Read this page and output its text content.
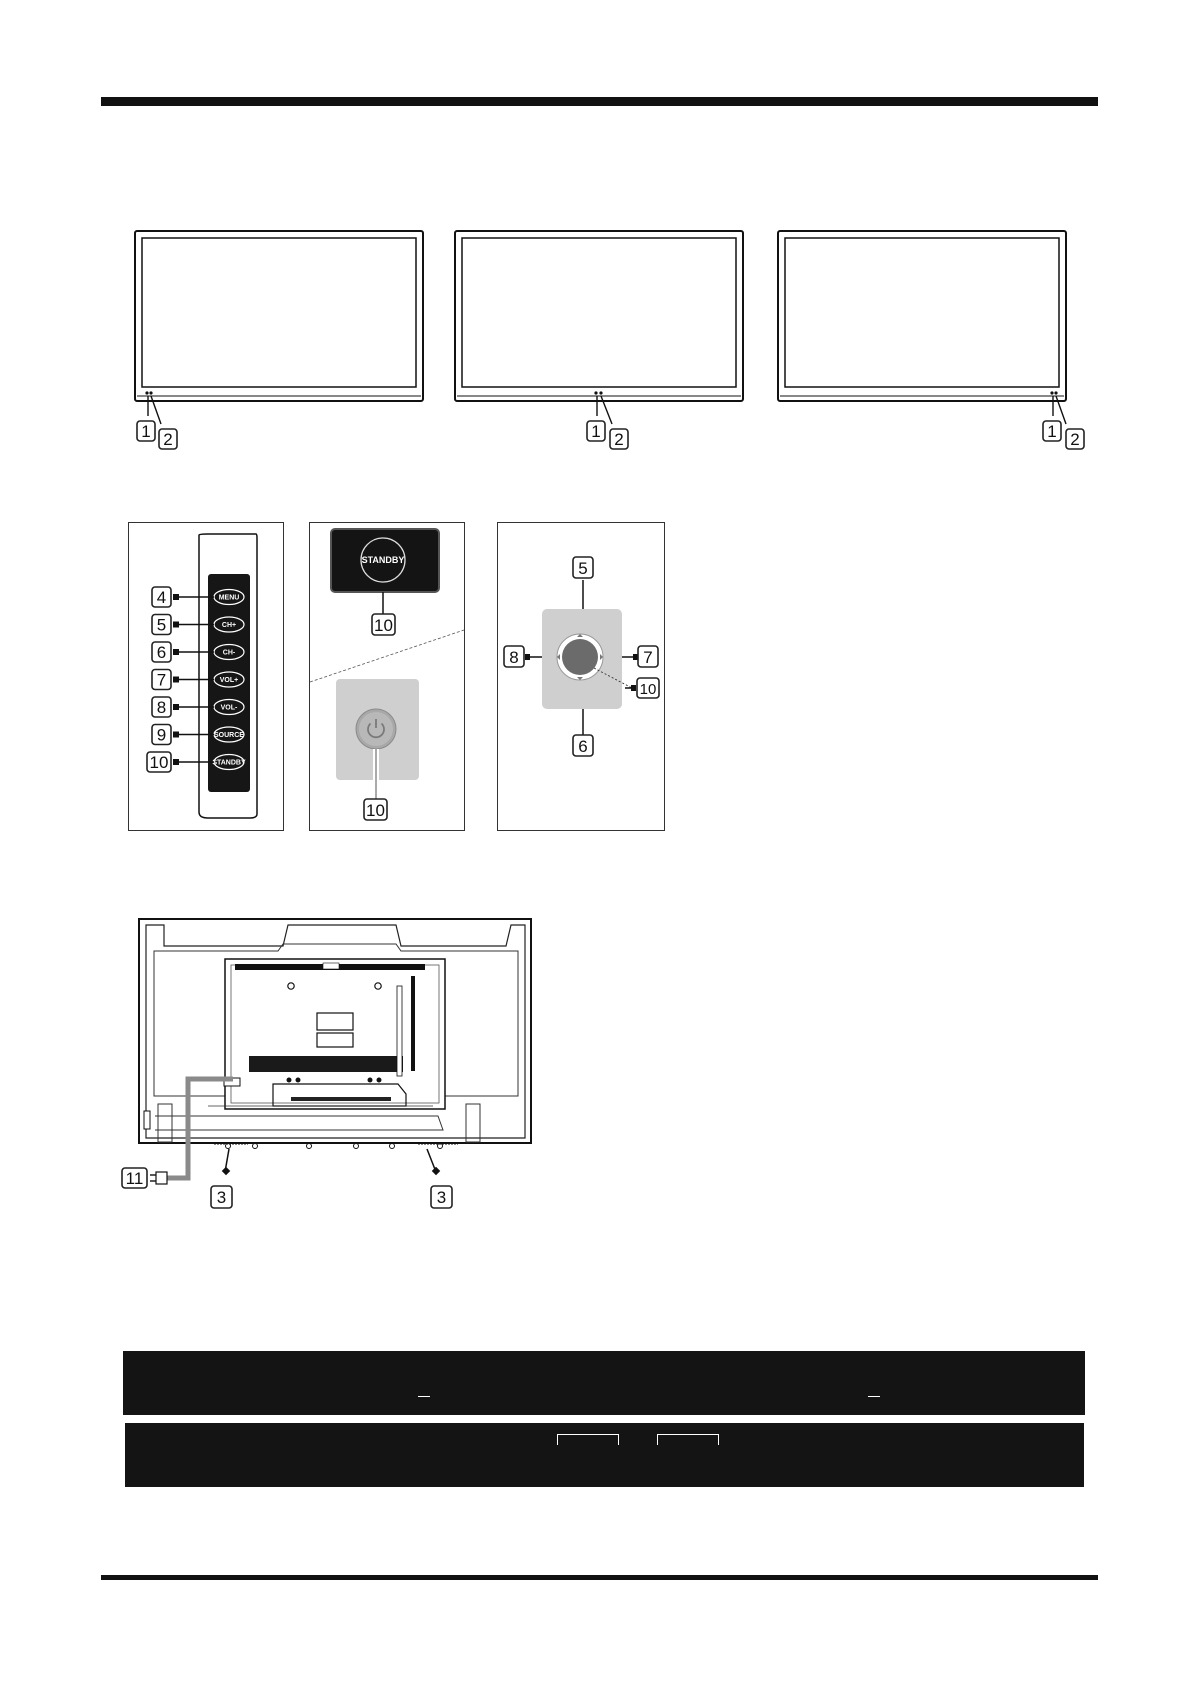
1 2	1 2	1 2
MENU
4
CH+
5
CH-
6
VOL+
7
VOL-
8
SOURCE
9
STANDBY
10
STANDBY
10
10
5
7
8
10
6
11
3	3
